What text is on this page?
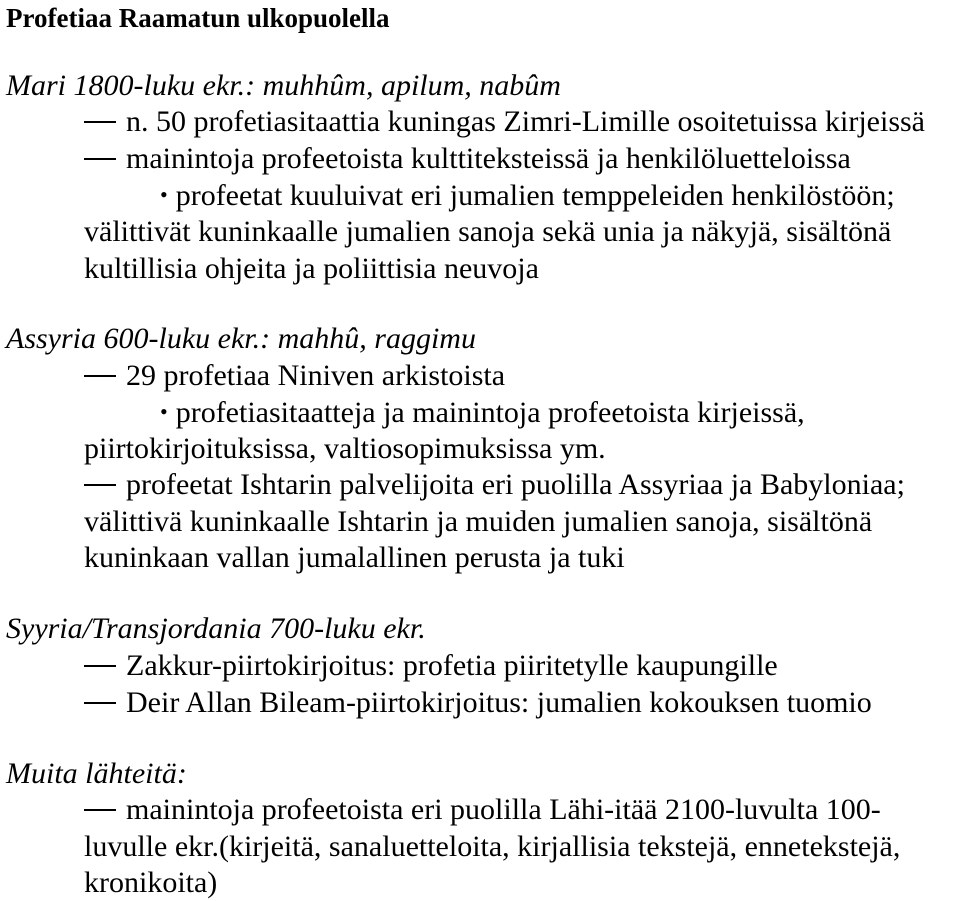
Profetiaa Raamatun ulkopuolella
Mari 1800-luku ekr.: muhhûm, apilum, nabûm
n. 50 profetiasitaattia kuningas Zimri-Limille osoitetuissa kirjeissä
mainintoja profeetoista kulttiteksteissä ja henkilöluetteloissa
• profeetat kuuluivat eri jumalien temppeleiden henkilöstöön;
välittivät kuninkaalle jumalien sanoja sekä unia ja näkyjä, sisältönä
kultillisia ohjeita ja poliittisia neuvoja
Assyria 600-luku ekr.: mahhû, raggimu
29 profetiaa Niniven arkistoista
• profetiasitaatteja ja mainintoja profeetoista kirjeissä,
piirtokirjoituksissa, valtiosopimuksissa ym.
profeetat Ishtarin palvelijoita eri puolilla Assyriaa ja Babyloniaa;
välittivä kuninkaalle Ishtarin ja muiden jumalien sanoja, sisältönä
kuninkaan vallan jumalallinen perusta ja tuki
Syyria/Transjordania 700-luku ekr.
Zakkur-piirtokirjoitus: profetia piiritetylle kaupungille
Deir Allan Bileam-piirtokirjoitus: jumalien kokouksen tuomio
Muita lähteitä:
mainintoja profeetoista eri puolilla Lähi-itää 2100-luvulta 100-
luvulle ekr.(kirjeitä, sanaluetteloita, kirjallisia tekstejä, ennetekstejä,
kronikoita)
